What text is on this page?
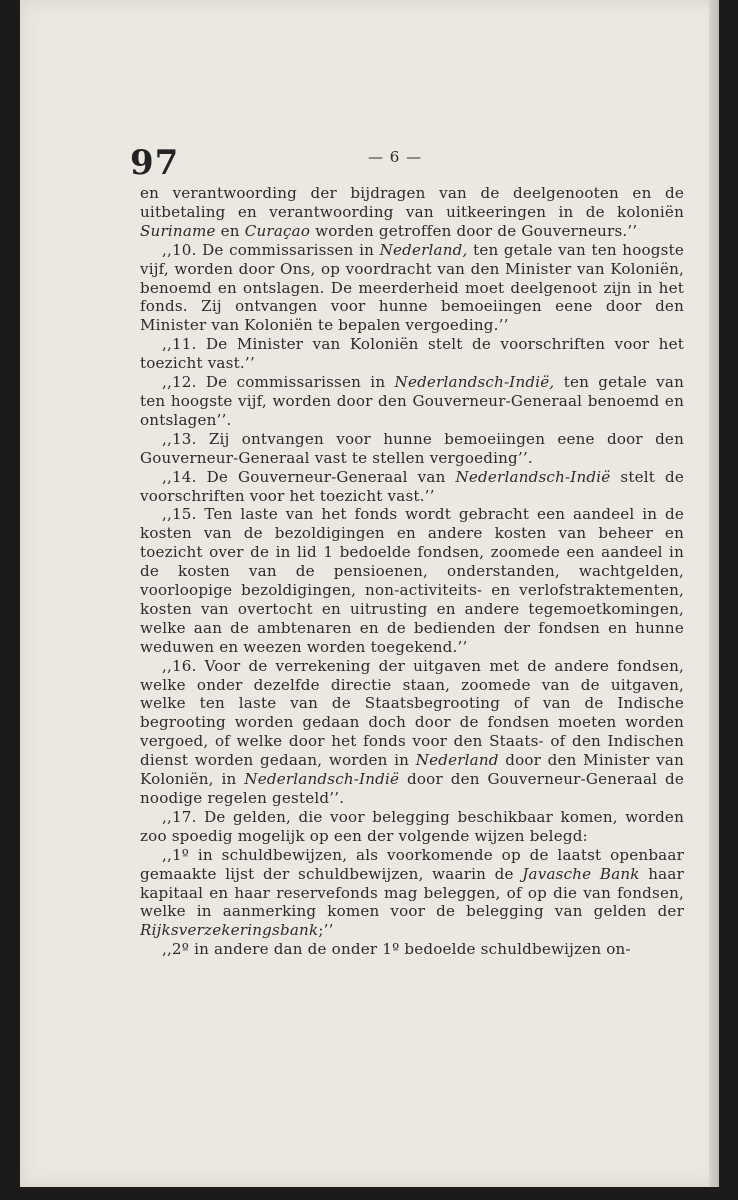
97	— 6 —

en verantwoording der bijdragen van de deelgenooten en de uitbetaling en verantwoording van uitkeeringen in de koloniën Suriname en Curaçao worden getroffen door de Gouverneurs.’’

,,10. De commissarissen in Nederland, ten getale van ten hoogste vijf, worden door Ons, op voordracht van den Minister van Koloniën, benoemd en ontslagen. De meerderheid moet deelgenoot zijn in het fonds. Zij ontvangen voor hunne bemoeiingen eene door den Minister van Koloniën te bepalen vergoeding.’’

,,11. De Minister van Koloniën stelt de voorschriften voor het toezicht vast.’’

,,12. De commissarissen in Nederlandsch-Indië, ten getale van ten hoogste vijf, worden door den Gouverneur-Generaal benoemd en ontslagen’’.

,,13. Zij ontvangen voor hunne bemoeiingen eene door den Gouverneur-Generaal vast te stellen vergoeding’’.

,,14. De Gouverneur-Generaal van Nederlandsch-Indië stelt de voorschriften voor het toezicht vast.’’

,,15. Ten laste van het fonds wordt gebracht een aandeel in de kosten van de bezoldigingen en andere kosten van beheer en toezicht over de in lid 1 bedoelde fondsen, zoomede een aandeel in de kosten van de pensioenen, onderstanden, wachtgelden, voorloopige bezoldigingen, non-activiteits- en verlofstraktementen, kosten van overtocht en uitrusting en andere tegemoetkomingen, welke aan de ambtenaren en de bedienden der fondsen en hunne weduwen en weezen worden toegekend.’’

,,16. Voor de verrekening der uitgaven met de andere fondsen, welke onder dezelfde directie staan, zoomede van de uitgaven, welke ten laste van de Staatsbegrooting of van de Indische begrooting worden gedaan doch door de fondsen moeten worden vergoed, of welke door het fonds voor den Staats- of den Indischen dienst worden gedaan, worden in Nederland door den Minister van Koloniën, in Nederlandsch-Indië door den Gouverneur-Generaal de noodige regelen gesteld’’.

,,17. De gelden, die voor belegging beschikbaar komen, worden zoo spoedig mogelijk op een der volgende wijzen belegd:

,,1º in schuldbewijzen, als voorkomende op de laatst openbaar gemaakte lijst der schuldbewijzen, waarin de Javasche Bank haar kapitaal en haar reservefonds mag beleggen, of op die van fondsen, welke in aanmerking komen voor de belegging van gelden der Rijksverzekeringsbank;’’

,,2º in andere dan de onder 1º bedoelde schuldbewijzen on-
